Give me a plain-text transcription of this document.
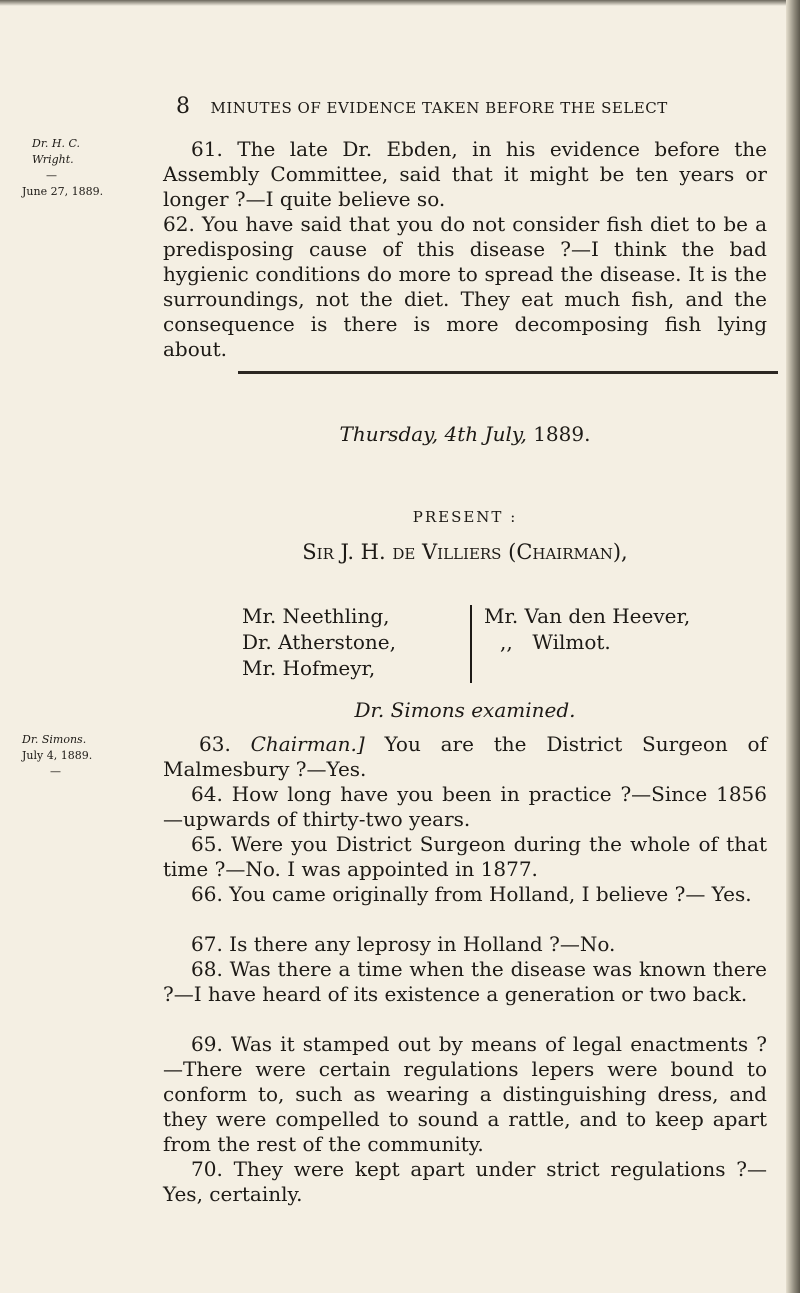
8 MINUTES OF EVIDENCE TAKEN BEFORE THE SELECT
Dr. H. C.
Wright.
—
June 27, 1889.
61. The late Dr. Ebden, in his evidence before the Assembly Committee, said that it might be ten years or longer ?—I quite believe so.
62. You have said that you do not consider fish diet to be a predisposing cause of this disease ?—I think the bad hygienic conditions do more to spread the disease. It is the surroundings, not the diet. They eat much fish, and the consequence is there is more decomposing fish lying about.
Thursday, 4th July, 1889.
PRESENT :
Sir J. H. de Villiers (Chairman),
Mr. Neethling,
Dr. Atherstone,
Mr. Hofmeyr,
Mr. Van den Heever,
,, Wilmot.
Dr. Simons examined.
Dr. Simons.
July 4, 1889.
—
63. Chairman.] You are the District Surgeon of Malmesbury ?—Yes.
64. How long have you been in practice ?—Since 1856 —upwards of thirty-two years.
65. Were you District Surgeon during the whole of that time ?—No. I was appointed in 1877.
66. You came originally from Holland, I believe ?— Yes.
67. Is there any leprosy in Holland ?—No.
68. Was there a time when the disease was known there ?—I have heard of its existence a generation or two back.
69. Was it stamped out by means of legal enactments ? —There were certain regulations lepers were bound to conform to, such as wearing a distinguishing dress, and they were compelled to sound a rattle, and to keep apart from the rest of the community.
70. They were kept apart under strict regulations ?— Yes, certainly.
